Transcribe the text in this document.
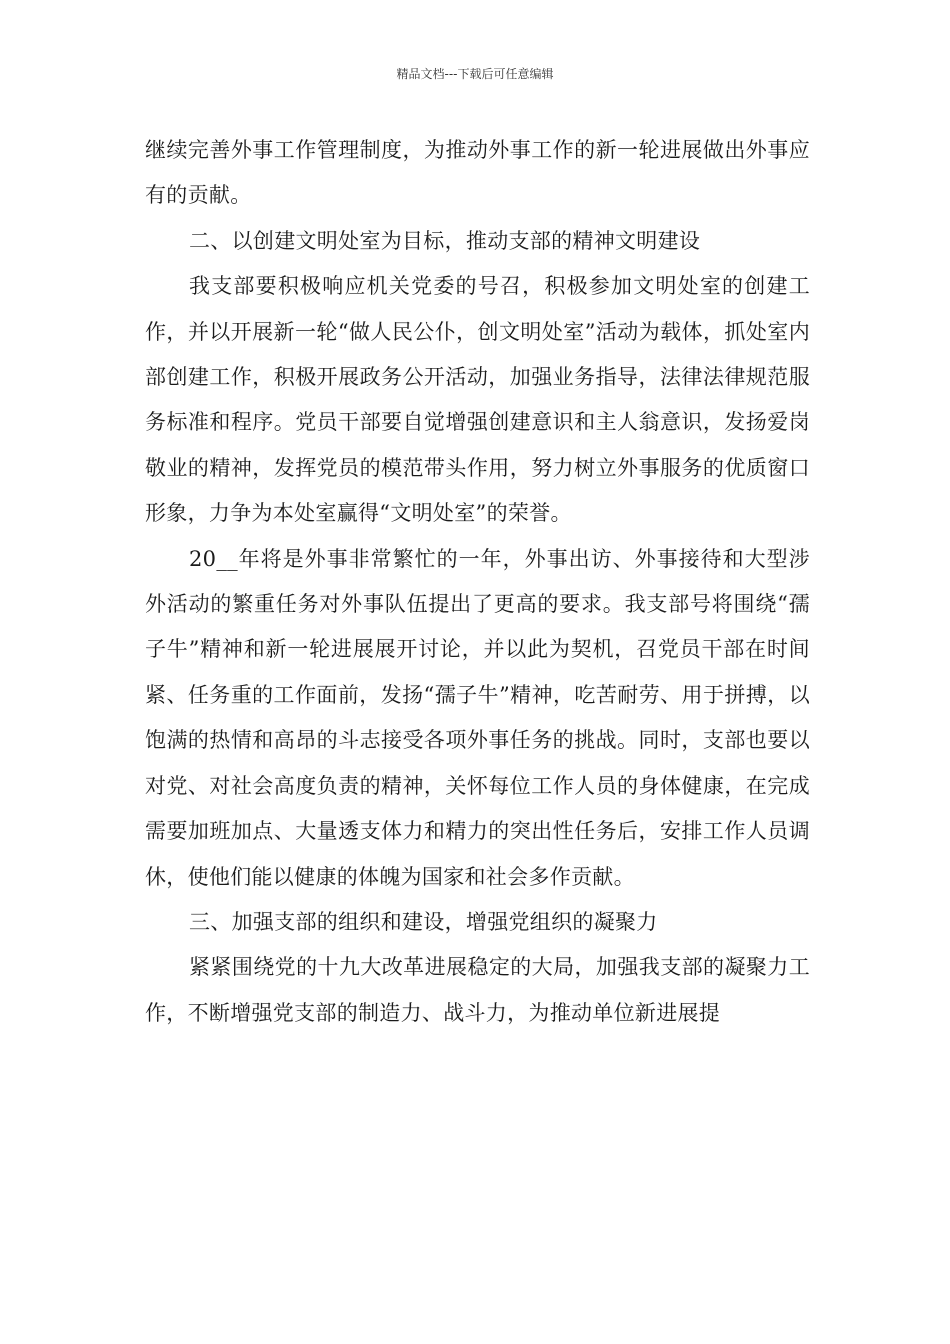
精品文档---下载后可任意编辑

继续完善外事工作管理制度，为推动外事工作的新一轮进展做出外事应有的贡献。

二、以创建文明处室为目标，推动支部的精神文明建设

我支部要积极响应机关党委的号召，积极参加文明处室的创建工作，并以开展新一轮“做人民公仆，创文明处室”活动为载体，抓处室内部创建工作，积极开展政务公开活动，加强业务指导，法律法律规范服务标准和程序。党员干部要自觉增强创建意识和主人翁意识，发扬爱岗敬业的精神，发挥党员的模范带头作用，努力树立外事服务的优质窗口形象，力争为本处室赢得“文明处室”的荣誉。

20__年将是外事非常繁忙的一年，外事出访、外事接待和大型涉外活动的繁重任务对外事队伍提出了更高的要求。我支部号将围绕“孺子牛”精神和新一轮进展展开讨论，并以此为契机，召党员干部在时间紧、任务重的工作面前，发扬“孺子牛”精神，吃苦耐劳、用于拼搏，以饱满的热情和高昂的斗志接受各项外事任务的挑战。同时，支部也要以对党、对社会高度负责的精神，关怀每位工作人员的身体健康，在完成需要加班加点、大量透支体力和精力的突出性任务后，安排工作人员调休，使他们能以健康的体魄为国家和社会多作贡献。

三、加强支部的组织和建设，增强党组织的凝聚力

紧紧围绕党的十九大改革进展稳定的大局，加强我支部的凝聚力工作，不断增强党支部的制造力、战斗力，为推动单位新进展提
